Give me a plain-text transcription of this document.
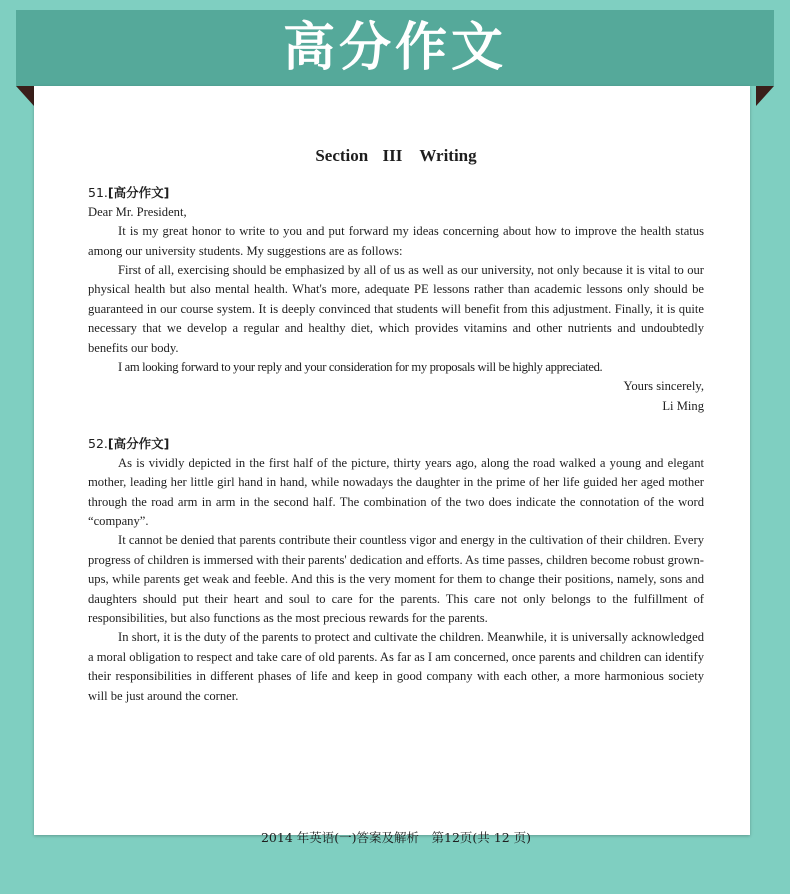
高分作文
Section III　Writing
51.[高分作文]

Dear Mr. President,

It is my great honor to write to you and put forward my ideas concerning about how to improve the health status among our university students. My suggestions are as follows:

First of all, exercising should be emphasized by all of us as well as our university, not only because it is vital to our physical health but also mental health. What's more, adequate PE lessons rather than academic lessons only should be guaranteed in our course system. It is deeply convinced that students will benefit from this adjustment. Finally, it is quite necessary that we develop a regular and healthy diet, which provides vitamins and other nutrients and undoubtedly benefits our body.

I am looking forward to your reply and your consideration for my proposals will be highly appreciated.

Yours sincerely,

Li Ming

52.[高分作文]

As is vividly depicted in the first half of the picture, thirty years ago, along the road walked a young and elegant mother, leading her little girl hand in hand, while nowadays the daughter in the prime of her life guided her aged mother through the road arm in arm in the second half. The combination of the two does indicate the connotation of the word “company”.

It cannot be denied that parents contribute their countless vigor and energy in the cultivation of their children. Every progress of children is immersed with their parents' dedication and efforts. As time passes, children become robust grown-ups, while parents get weak and feeble. And this is the very moment for them to change their positions, namely, sons and daughters should put their heart and soul to care for the parents. This care not only belongs to the fulfillment of responsibilities, but also functions as the most precious rewards for the parents.

In short, it is the duty of the parents to protect and cultivate the children. Meanwhile, it is universally acknowledged a moral obligation to respect and take care of old parents. As far as I am concerned, once parents and children can identify their responsibilities in different phases of life and keep in good company with each other, a more harmonious society will be just around the corner.

2014 年英语(一)答案及解析　第12页(共 12 页)
